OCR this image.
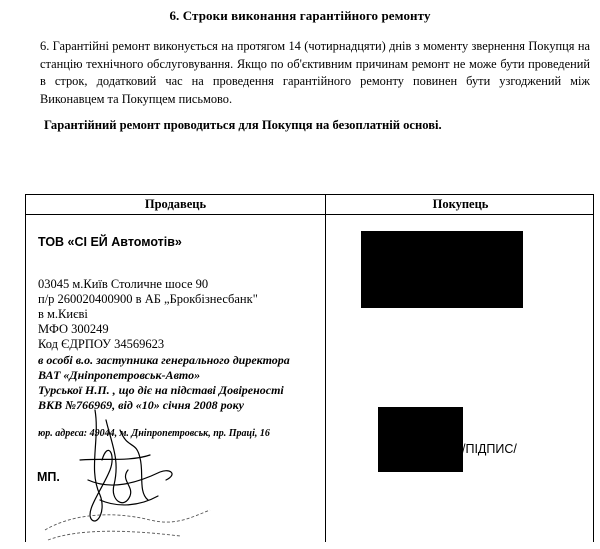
6. Строки виконання гарантійного ремонту
6. Гарантійні ремонт виконується на протягом 14 (чотирнадцяти) днів з моменту звернення Покупця на станцію технічного обслуговування. Якщо по об'єктивним причинам ремонт не може бути проведений в строк, додатковий час на проведення гарантійного ремонту повинен бути узгоджений між Виконавцем та Покупцем письмово.
Гарантійний ремонт проводиться для Покупця на безоплатній основі.
Продавець	Покупець
ТОВ «СІ ЕЙ Автомотів»
03045 м.Київ Столичне шосе 90
п/р 260020400900 в АБ „Брокбізнесбанк"
в м.Києві
МФО 300249
Код ЄДРПОУ 34569623
в особі в.о. заступника генерального директора
ВАТ «Дніпропетровськ-Авто»
Турської Н.П. , що діє на підставі Довіреності
ВКВ №766969, від «10» січня 2008 року
юр. адреса: 49044, м. Дніпропетровськ, пр. Праці, 16
/ПІДПИС/
МП.
